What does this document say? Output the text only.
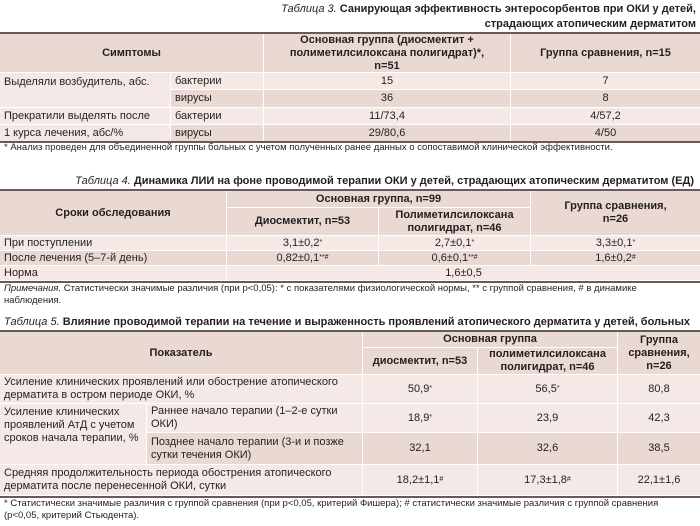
Таблица 3. Санирующая эффективность энтеросорбентов при ОКИ у детей,
страдающих атопическим дерматитом
Симптомы
Основная группа (диосмектит +
полиметилсилоксана полигидрат)*,
n=51
Группа сравнения, n=15
Выделяли возбудитель, абс.	бактерии	15	7
вирусы	36	8
Прекратили выделять после	бактерии	11/73,4	4/57,2
1 курса лечения, абс/%	вирусы	29/80,6	4/50
* Анализ проведен для объединенной группы больных с учетом полученных ранее данных о сопоставимой клинической эффективности.
Таблица 4. Динамика ЛИИ на фоне проводимой терапии ОКИ у детей, страдающих атопическим дерматитом (ЕД)
Сроки обследования
Основная группа, n=99
Диосмектит, n=53
Полиметилсилоксана
полигидрат, n=46
Группа сравнения,
n=26
При поступлении	3,1±0,2 *	2,7±0,1 *	3,3±0,1 *
После лечения (5–7-й день)	0,82±0,1 **#	0,6±0,1 **#	1,6±0,2 #
Норма	1,6±0,5
Примечания. Статистически значимые различия (при р<0,05): * с показателями физиологической нормы, ** с группой сравнения, # в динамике наблюдения.
Таблица 5. Влияние проводимой терапии на течение и выраженность проявлений атопического дерматита у детей, больных
Показатель
Основная группа
диосмектит, n=53
полиметилсилоксана
полигидрат, n=46
Группа
сравнения, n=26
Усиление клинических проявлений или обострение атопического
дерматита в остром периоде ОКИ, %
50,9 *	56,5 *	80,8
Усиление клинических
проявлений АтД с учетом
сроков начала терапии, %
Раннее начало терапии (1–2-е сутки
ОКИ)
18,9 *	23,9	42,3
Позднее начало терапии (3-и и позже
сутки течения ОКИ)
32,1	32,6	38,5
Средняя продолжительность периода обострения атопического
дерматита после перенесенной ОКИ, сутки
18,2±1,1 #	17,3±1,8 #	22,1±1,6
* Статистически значимые различия с группой сравнения (при р<0,05, критерий Фишера); # статистически значимые различия с группой сравнения
(р<0,05, критерий Стьюдента).
